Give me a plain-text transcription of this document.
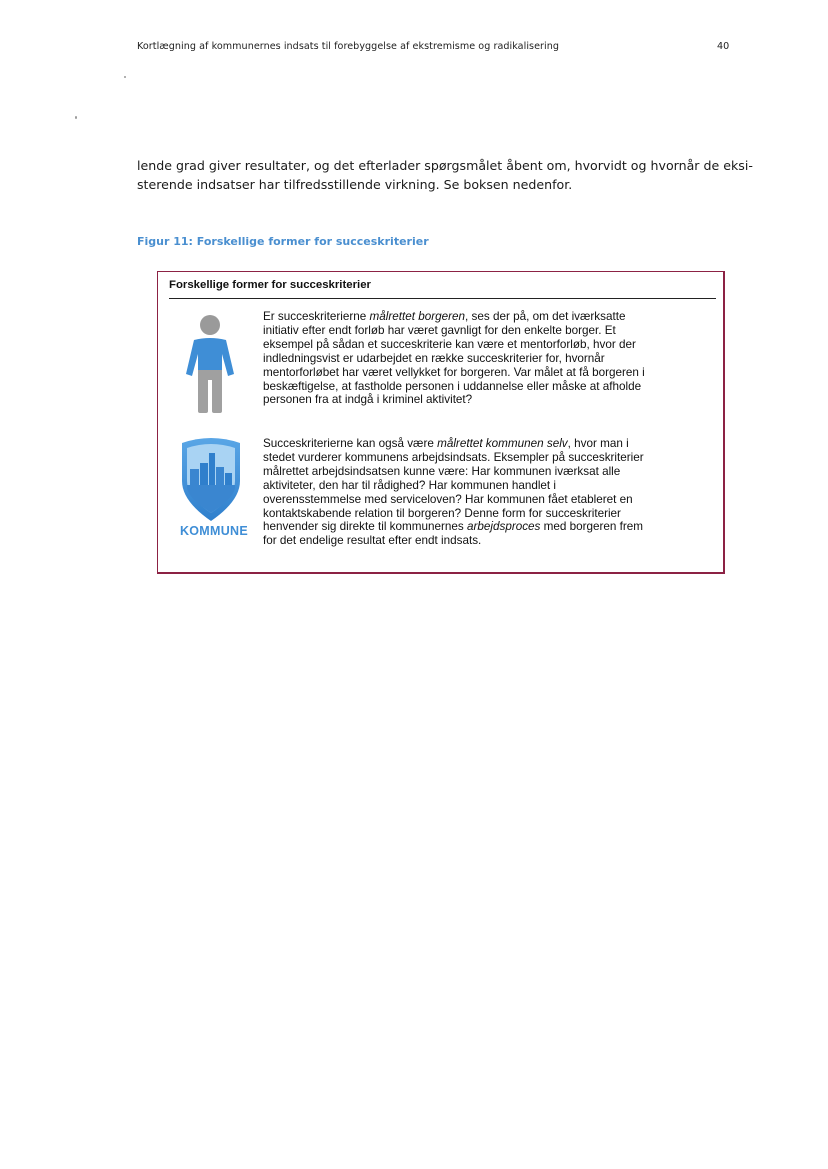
Kortlægning af kommunernes indsats til forebyggelse af ekstremisme og radikalisering	40

lende grad giver resultater, og det efterlader spørgsmålet åbent om, hvorvidt og hvornår de eksi-
sterende indsatser har tilfredsstillende virkning. Se boksen nedenfor.

Figur 11: Forskellige former for succeskriterier

Forskellige former for succeskriterier
Er succeskriterierne målrettet borgeren, ses der på, om det iværksatte
initiativ efter endt forløb har været gavnligt for den enkelte borger. Et
eksempel på sådan et succeskriterie kan være et mentorforløb, hvor der
indledningsvist er udarbejdet en række succeskriterier for, hvornår
mentorforløbet har været vellykket for borgeren. Var målet at få borgeren i
beskæftigelse, at fastholde personen i uddannelse eller måske at afholde
personen fra at indgå i kriminel aktivitet?
KOMMUNE
Succeskriterierne kan også være målrettet kommunen selv, hvor man i
stedet vurderer kommunens arbejdsindsats. Eksempler på succeskriterier
målrettet arbejdsindsatsen kunne være: Har kommunen iværksat alle
aktiviteter, den har til rådighed? Har kommunen handlet i
overensstemmelse med serviceloven? Har kommunen fået etableret en
kontaktskabende relation til borgeren? Denne form for succeskriterier
henvender sig direkte til kommunernes arbejdsproces med borgeren frem
for det endelige resultat efter endt indsats.
